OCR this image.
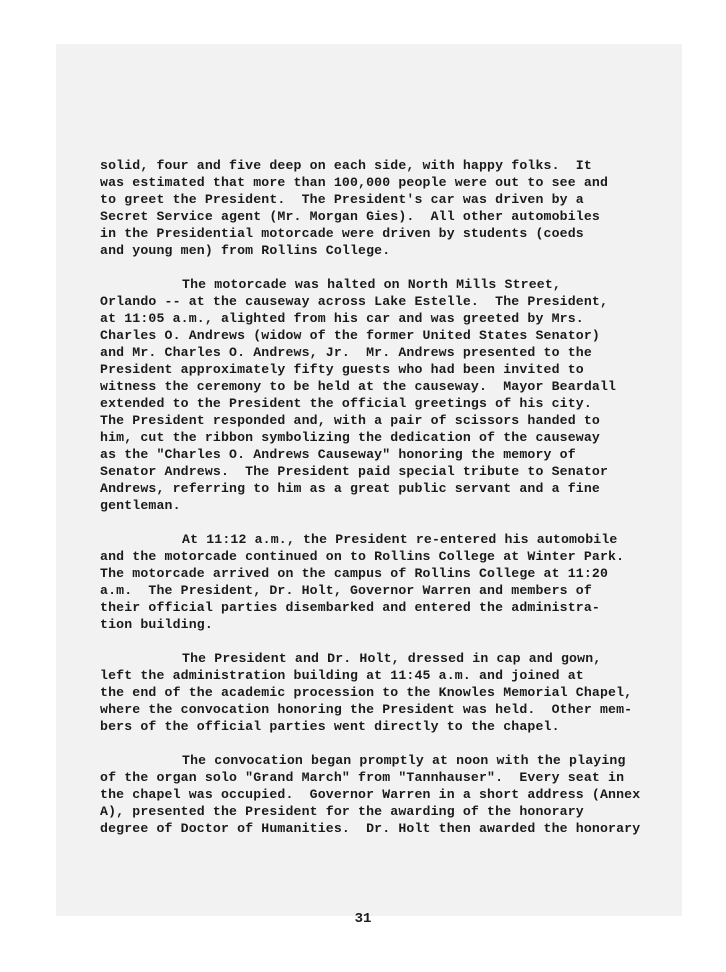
solid, four and five deep on each side, with happy folks.  It
was estimated that more than 100,000 people were out to see and
to greet the President.  The President's car was driven by a
Secret Service agent (Mr. Morgan Gies).  All other automobiles
in the Presidential motorcade were driven by students (coeds
and young men) from Rollins College.
The motorcade was halted on North Mills Street,
Orlando -- at the causeway across Lake Estelle.  The President,
at 11:05 a.m., alighted from his car and was greeted by Mrs.
Charles O. Andrews (widow of the former United States Senator)
and Mr. Charles O. Andrews, Jr.  Mr. Andrews presented to the
President approximately fifty guests who had been invited to
witness the ceremony to be held at the causeway.  Mayor Beardall
extended to the President the official greetings of his city.
The President responded and, with a pair of scissors handed to
him, cut the ribbon symbolizing the dedication of the causeway
as the "Charles O. Andrews Causeway" honoring the memory of
Senator Andrews.  The President paid special tribute to Senator
Andrews, referring to him as a great public servant and a fine
gentleman.
At 11:12 a.m., the President re-entered his automobile
and the motorcade continued on to Rollins College at Winter Park.
The motorcade arrived on the campus of Rollins College at 11:20
a.m.  The President, Dr. Holt, Governor Warren and members of
their official parties disembarked and entered the administra-
tion building.
The President and Dr. Holt, dressed in cap and gown,
left the administration building at 11:45 a.m. and joined at
the end of the academic procession to the Knowles Memorial Chapel,
where the convocation honoring the President was held.  Other mem-
bers of the official parties went directly to the chapel.
The convocation began promptly at noon with the playing
of the organ solo "Grand March" from "Tannhauser".  Every seat in
the chapel was occupied.  Governor Warren in a short address (Annex
A), presented the President for the awarding of the honorary
degree of Doctor of Humanities.  Dr. Holt then awarded the honorary
31
